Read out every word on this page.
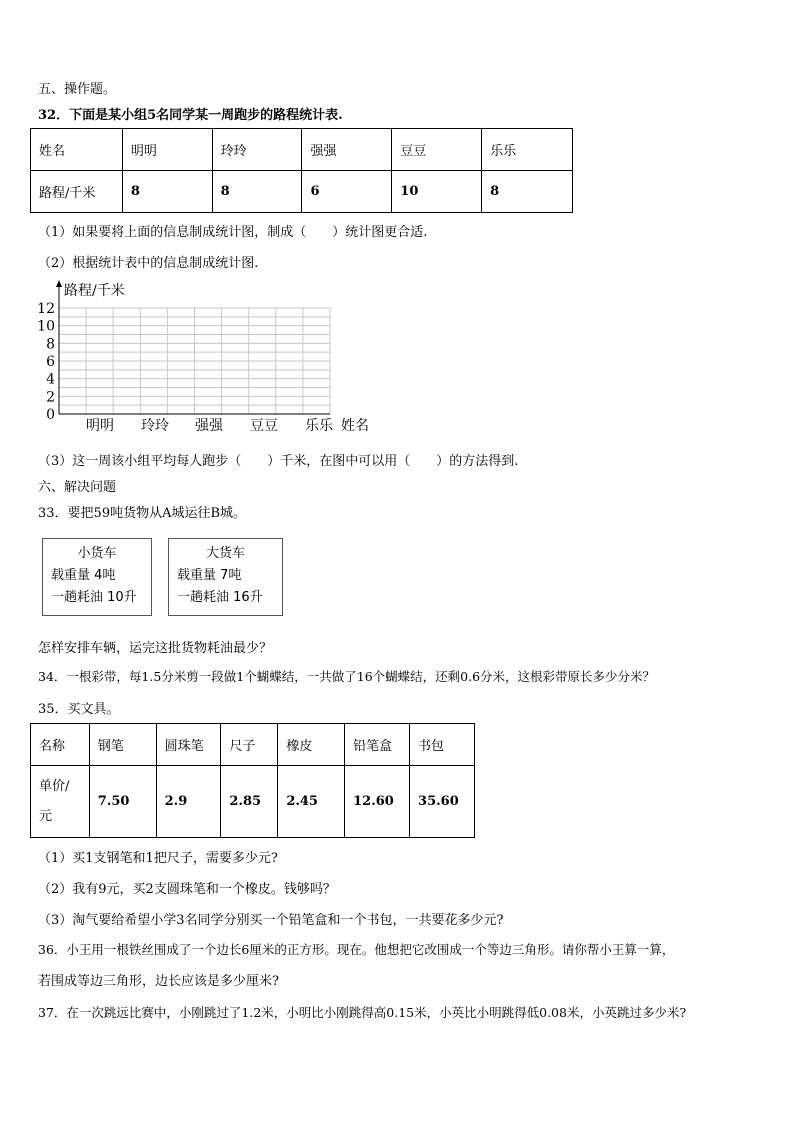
五、操作题。
32．下面是某小组5名同学某一周跑步的路程统计表.
姓名	明明	玲玲	强强	豆豆	乐乐
路程/千米	8	8	6	10	8
（1）如果要将上面的信息制成统计图，制成（　　）统计图更合适.
（2）根据统计表中的信息制成统计图.
路程/千米
姓名
0
2
4
6
8
10
12
明明 玲玲 强强 豆豆 乐乐
（3）这一周该小组平均每人跑步（　　）千米，在图中可以用（　　）的方法得到.
六、解决问题
33．要把59吨货物从A城运往B城。
小货车
载重量 4吨
一趟耗油 10升
大货车
载重量 7吨
一趟耗油 16升
怎样安排车辆，运完这批货物耗油最少？
34．一根彩带，每1.5分米剪一段做1个蝴蝶结，一共做了16个蝴蝶结，还剩0.6分米，这根彩带原长多少分米？
35．买文具。
名称	钢笔	圆珠笔	尺子	橡皮	铅笔盒	书包

单价/
元	7.50	2.9	2.85	2.45	12.60	35.60
（1）买1支钢笔和1把尺子，需要多少元?
（2）我有9元，买2支圆珠笔和一个橡皮。钱够吗？
（3）淘气要给希望小学3名同学分别买一个铅笔盒和一个书包，一共要花多少元?
36．小王用一根铁丝围成了一个边长6厘米的正方形。现在。他想把它改围成一个等边三角形。请你帮小王算一算，
若围成等边三角形，边长应该是多少厘米?
37．在一次跳远比赛中，小刚跳过了1.2米，小明比小刚跳得高0.15米，小英比小明跳得低0.08米，小英跳过多少米?
